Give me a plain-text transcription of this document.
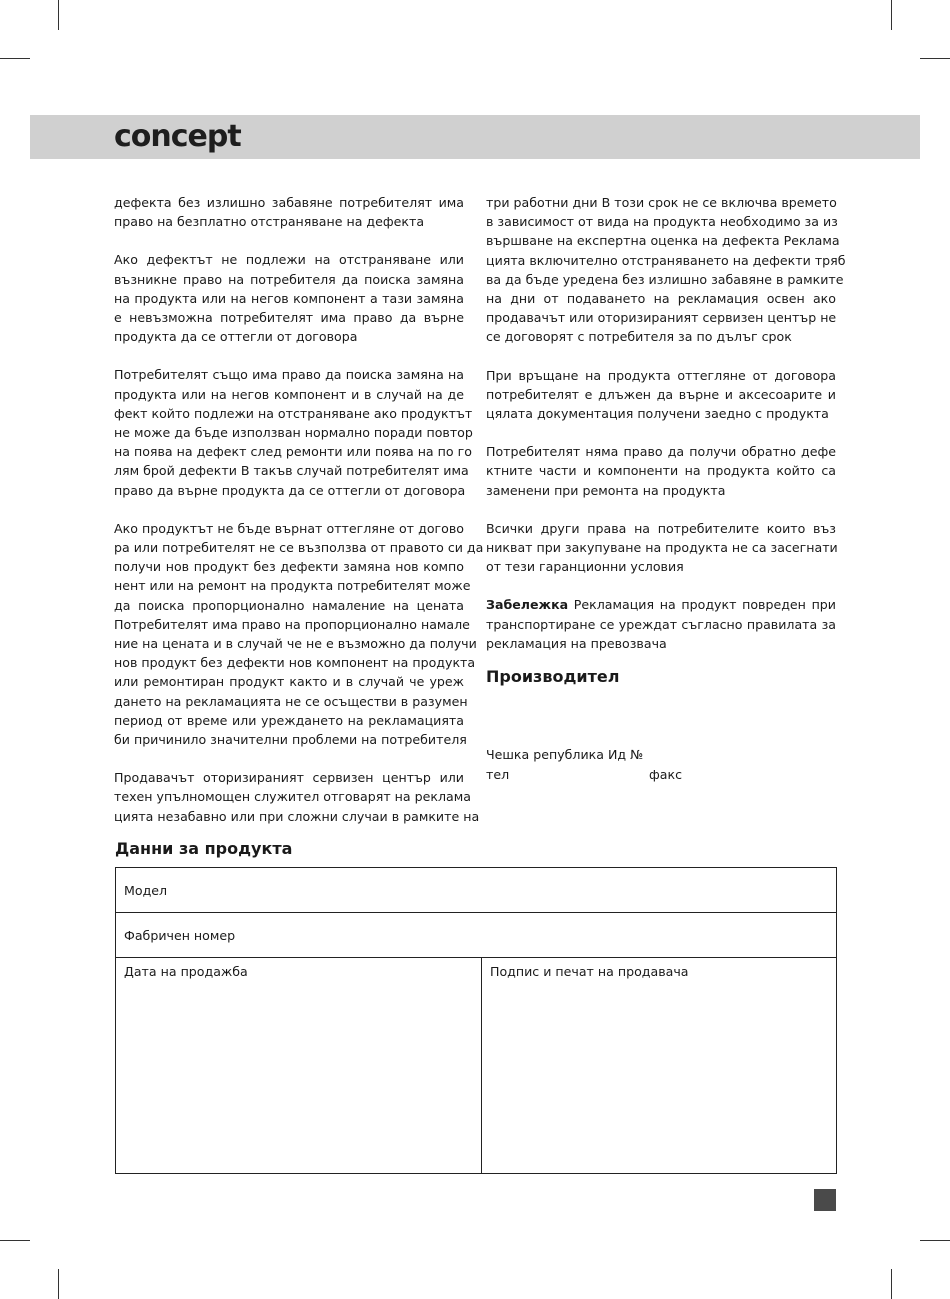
concept

дефекта без излишно забавяне потребителят има
право на безплатно отстраняване на дефекта

Ако дефектът не подлежи на отстраняване или
възникне право на потребителя да поиска замяна
на продукта или на негов компонент а тази замяна
е невъзможна потребителят има право да върне
продукта да се оттегли от договора

Потребителят също има право да поиска замяна на
продукта или на негов компонент и в случай на де
фект който подлежи на отстраняване ако продуктът
не може да бъде използван нормално поради повтор
на поява на дефект след ремонти или поява на по го
лям брой дефекти В такъв случай потребителят има
право да върне продукта да се оттегли от договора

Ако продуктът не бъде върнат оттегляне от догово
ра или потребителят не се възползва от правото си да
получи нов продукт без дефекти замяна нов компо
нент или на ремонт на продукта потребителят може
да поиска пропорционално намаление на цената
Потребителят има право на пропорционално намале
ние на цената и в случай че не е възможно да получи
нов продукт без дефекти нов компонент на продукта
или ремонтиран продукт както и в случай че уреж
дането на рекламацията не се осъществи в разумен
период от време или уреждането на рекламацията
би причинило значителни проблеми на потребителя

Продавачът оторизираният сервизен център или
техен упълномощен служител отговарят на реклама
цията незабавно или при сложни случаи в рамките на

три работни дни В този срок не се включва времето
в зависимост от вида на продукта необходимо за из
вършване на експертна оценка на дефекта Реклама
цията включително отстраняването на дефекти тряб
ва да бъде уредена без излишно забавяне в рамките
на дни от подаването на рекламация освен ако
продавачът или оторизираният сервизен център не
се договорят с потребителя за по дълъг срок

При връщане на продукта оттегляне от договора
потребителят е длъжен да върне и аксесоарите и
цялата документация получени заедно с продукта

Потребителят няма право да получи обратно дефе
ктните части и компоненти на продукта който са
заменени при ремонта на продукта

Всички други права на потребителите които въз
никват при закупуване на продукта не са засегнати
от тези гаранционни условия

Забележка Рекламация на продукт повреден при
транспортиране се уреждат съгласно правилата за
рекламация на превозвача

Производител
Чешка република Ид №
тел	факс
Данни за продукта
Модел
Фабричен номер
Дата на продажба	Подпис и печат на продавача
